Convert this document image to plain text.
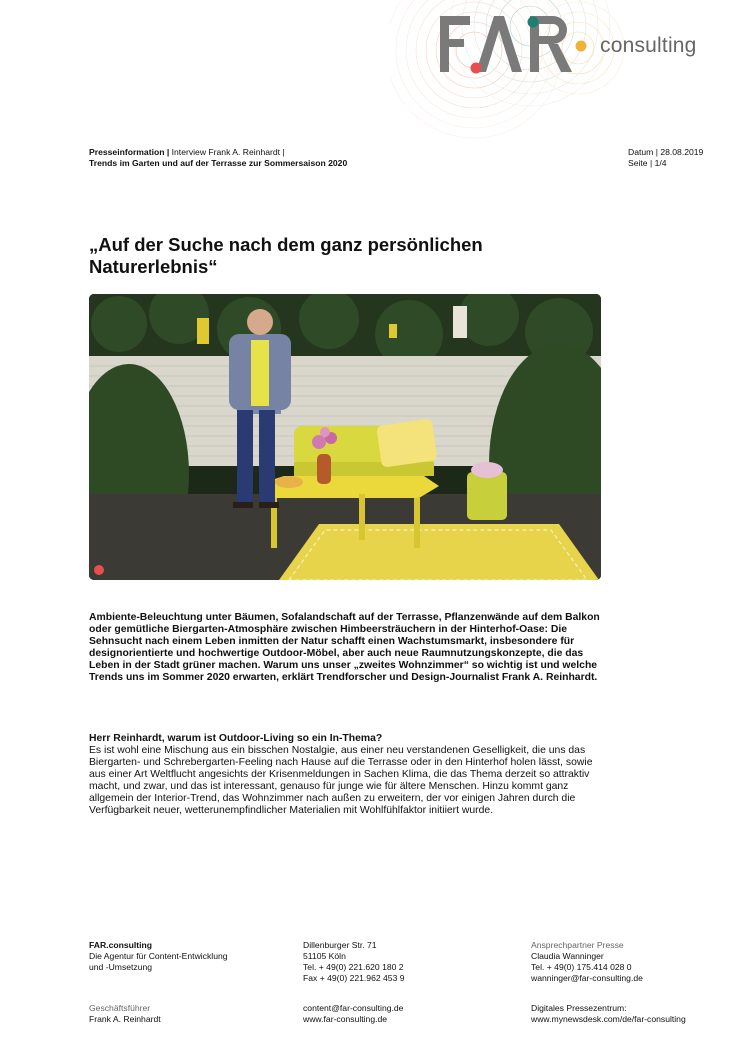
consulting
Presseinformation | Interview Frank A. Reinhardt |
Trends im Garten und auf der Terrasse zur Sommersaison 2020
Datum | 28.08.2019
Seite | 1/4
„Auf der Suche nach dem ganz persönlichen
Naturerlebnis“
Ambiente-Beleuchtung unter Bäumen, Sofalandschaft auf der Terrasse, Pflanzenwände auf dem Balkon oder gemütliche Biergarten-Atmosphäre zwischen Himbeersträuchern in der Hinterhof-Oase: Die Sehnsucht nach einem Leben inmitten der Natur schafft einen Wachstumsmarkt, insbesondere für designorientierte und hochwertige Outdoor-Möbel, aber auch neue Raumnutzungskonzepte, die das Leben in der Stadt grüner machen. Warum uns unser „zweites Wohnzimmer“ so wichtig ist und welche Trends uns im Sommer 2020 erwarten, erklärt Trendforscher und Design-Journalist Frank A. Reinhardt.
Herr Reinhardt, warum ist Outdoor-Living so ein In-Thema?
Es ist wohl eine Mischung aus ein bisschen Nostalgie, aus einer neu verstandenen Geselligkeit, die uns das Biergarten- und Schrebergarten-Feeling nach Hause auf die Terrasse oder in den Hinterhof holen lässt, sowie aus einer Art Weltflucht angesichts der Krisenmeldungen in Sachen Klima, die das Thema derzeit so attraktiv macht, und zwar, und das ist interessant, genauso für junge wie für ältere Menschen. Hinzu kommt ganz allgemein der Interior-Trend, das Wohnzimmer nach außen zu erweitern, der vor einigen Jahren durch die Verfügbarkeit neuer, wetterunempfindlicher Materialien mit Wohlfühlfaktor initiiert wurde.
FAR.consulting
Die Agentur für Content-Entwicklung
und -Umsetzung
Geschäftsführer
Frank A. Reinhardt
Dillenburger Str. 71
51105 Köln
Tel. + 49(0) 221.620 180 2
Fax + 49(0) 221.962 453 9
content@far-consulting.de
www.far-consulting.de
Ansprechpartner Presse
Claudia Wanninger
Tel. + 49(0) 175.414 028 0
wanninger@far-consulting.de
Digitales Pressezentrum:
www.mynewsdesk.com/de/far-consulting
